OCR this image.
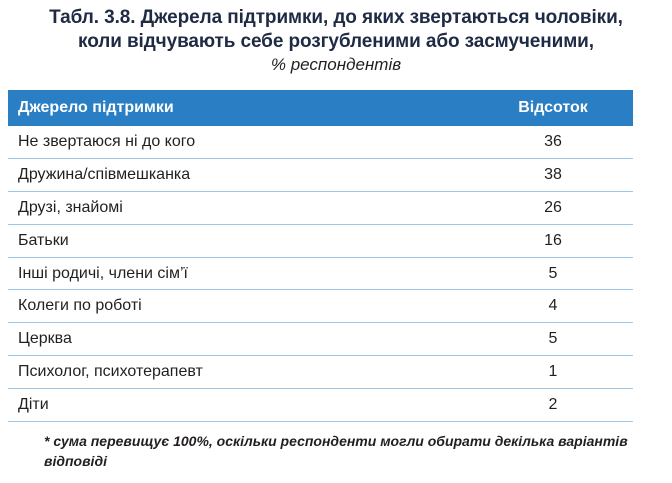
Табл. 3.8. Джерела підтримки, до яких звертаються чоловіки,
коли відчувають себе розгубленими або засмученими,
% респондентів
Джерело підтримки	Відсоток
Не звертаюся ні до кого	36
Дружина/співмешканка	38
Друзі, знайомі	26
Батьки	16
Інші родичі, члени сім’ї	5
Колеги по роботі	4
Церква	5
Психолог, психотерапевт	1
Діти	2
* сума перевищує 100%, оскільки респонденти могли обирати декілька варіантів відповіді
